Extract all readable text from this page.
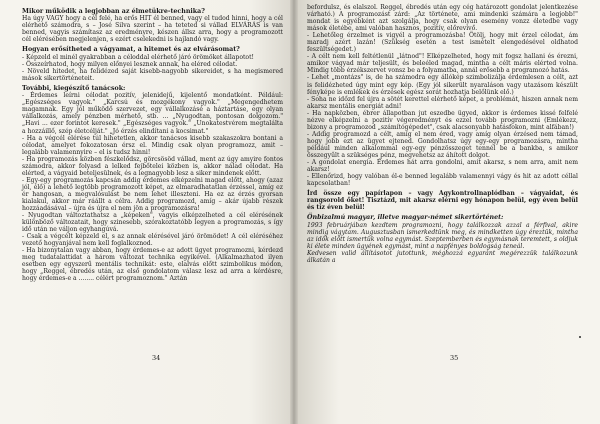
Mikor működik a legjobban az élmetükre-technika?

Ha úgy VAGY hogy a cél felé, ha erős HIT él benned, vagy el tudod hinni, hogy a cél elérhető számodra, s – José Silva szerint – ha teteted si vállad ELVÁRÁS is van benned, vagyis számítasz az eredményre, készen állsz arra, hogy a programozott cél elérésében megjelenjen, s ezért cselekedni is hajlandó vagy.

Hogyan erősítheted a vágyamat, a hitemet és az elvárásomat?

- Képzeld el minél gyakrabban a céloddal elérhető járó örömöket állapotot!
- Összeírhatod, hogy milyen előnyei lesznek annak, ha eléred célodat.
- Növeld hitedet, ha felidézed saját kisebb-nagyobb sikereidet, s ha megismered mások sikertörténeteit.

További, kiegészítő tanácsok:

- Érdemes leírni célodat pozitív, jelenidejű, kijelentő mondatként. Például: „Egészséges vagyok." „Karcsú és mozgékony vagyok." „Megengedhetem magamnak. Egy jól működő szervezet, egy vállalkozásé a háztartáse, egy olyan vállalkozás, amely pénzben mérhető, stb. ... „Nyugodtan, pontosan dolgozom." „Havi ... ezer forintot keresek." „Egészséges vagyok." „Unokatestvérem megtalálta a hozzáillő, szép életcélját." „Jó érzés elindítani a kocsimat."
- Ha a végcél elérése túl hihetetlen, akkor tanácsos kisebb szakaszokra bontani a célodat, amelyet fokozatosan érsz el. Mindig csak olyan programozz, amit – legalább valamennyire – el is tudsz hinni!
- Ha programozás közben fészkelődsz, görcsösöd vállad, ment az úgy amyire fontos számodra, akkor folyasd a lelked fejbőtelei közben is, akkor nálad célodat. Ha elérted, a vágyaid beteljesülnek, és a legnagyobb lesz a siker mindenek előtt.
- Egy-egy programozás kapcsán addig érdemes elképzelni magad előtt, ahogy (azaz jól, élő) a lehető legtöbb programozott képet, az elmaradhatatlan érzéssel, amíg ez ér hangosan, a megvalósulást be nem lehet illeszteni. Ha ez az érzés gyorsan kialakul, akkor már ráállt a célra. Addig programozd, amíg – akár újabb részek hozzáadásával – újra és újra el nem jön a programozásra!
- Nyugodtan változtathatsz a „képeken", vagyis elképzelheted a cél elérésének különböző változatait, hogy szinesebb, szórakoztatóbb legyen a programozás, s így idő után ne váljon egyhangúvá.
- Csak a végcélt képzeld el, s az annak elérésével járó örömödet! A cél eléréséhez vezető hogyanjával nem kell foglalkoznod.
- Ha bizonytalan vagy abban, hogy érdemes-e az adott ügyet programozni, kérdezd meg tudatalattidat a három változat technika egyikével. (Alkalmazhatod ilyen esetben egy egyszerű mentális technikát: este, elalvás előtt szimbolikus módon, hogy „Reggel, ébredés után, az első gondolatom válasz lesz ad arra a kérdésre, hogy érdemes-e a ........ célért programoznom." Aztán

34

befordulsz, és elalszol. Reggel, ébredés után egy cég határozott gondolat jelentkezése várható.) A programozást zárd: „Az története, ami mindenki számára a legjobb!" mondat is egyébként azt szolgálja, hogy csak olyan esemény vonzz életedbe vagy mások életébe, ami valóban hasznos, pozitív, előrevivő.
- Lehetőleg érzelmet is vigyél a programozásba! Ötölj, hogy mit érzel célodat, ám maradj azért lazán! (Szükség esetén a test ismételt elengedésével oldhatod feszültségedet.)
- A célt nem kell feltétlenül „látnod"! Elképzelheted, hogy mit fogsz hallani és érezni, amikor vágyad már teljesült, és beleéled magad, mintha a célt máris elérted volna. Mindig több érzékszervet vonsz be a folyamatba, annál erősebb a programozó hatás.
- Lehet „montázs" is, de ha számodra egy állókép szimbolizálja érdemlesen a célt, azt is felidézheted úgy mint egy kép. (Egy jól sikerült nyaraláson vagy utazásom készült fényképe is emlékek és érzések egész sorát hozhatja belőlünk elő.)
- Soha ne időzd fel újra a sötét kerettel elérhető képet, a problémát, hiszen annak nem akarsz mentális energiát adni!
- Ha napközben, ébrer állapotban jut eszedbe ügyed, akkor is érdemes kissé felfelé nézve elképzelni a pozitív végeredményt és ezzel tovább programozni (Emlékezz, bizony a programozod „számítógépedet", csak alacsonyabb hatásfokon, mint alfában!)
- Addig programozd a célt, amíg el nem éred, vagy amíg olyan érzésed nem támad, hogy jobb ezt az ügyet ejtened. Gondolhatsz úgy egy-egy programozásra, mintha például minden alkalommal egy-egy pénzösszeget tennél be a bankba, s amikor összegyűlt a szükséges pénz, megvehetsz az áhított dolgot.
- A gondolat energia. Érdemes hát arra gondolni, amit akarsz, s nem arra, amit nem akarsz!
- Ellenőrizd, hogy valóban él-e benned legalább valamennyi vágy és hit az adott céllal kapcsolatban!

Írd össze egy papírlapon – vagy Agykontrollnaplódban – vágyaidat, és rangsorold őket! Tisztázd, mit akarsz elérni egy hónapon belül, egy éven belül és tíz éven belül!

Önbizalmú magyar, illetve magyar-német sikertörténet:

1993 februárjában kezdtem programozni, hogy találkozzak azzal a férfival, akire mindig vágytam. Augusztusban ismerkedtünk meg, és mindketten úgy éreztük, mintha az idők előtt ismertük volna egymást. Szeptemberben és egymásnak teremtett, s oldjuk ki élete minden ügyének egymást, mint a napfényes boldogság teneál.
Kedvesen valid állításotot jutottunk, méghozzá egyaránt megérezzük találkozunk álkatán a

35
